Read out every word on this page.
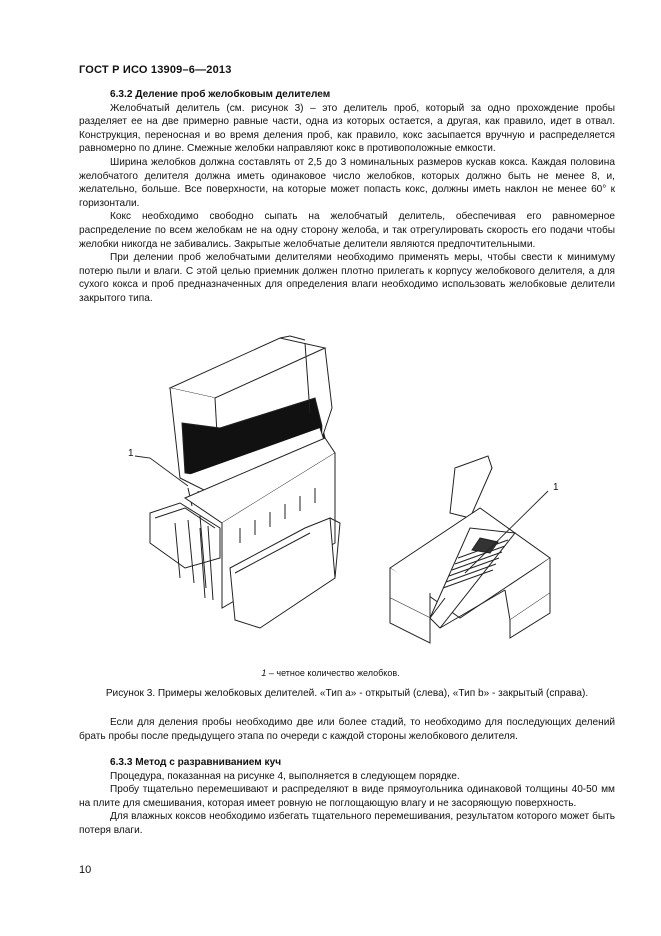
ГОСТ Р ИСО 13909–6—2013

6.3.2 Деление проб желобковым делителем

Желобчатый делитель (см. рисунок 3) – это делитель проб, который за одно прохождение пробы разделяет ее на две примерно равные части, одна из которых остается, а другая, как правило, идет в отвал. Конструкция, переносная и во время деления проб, как правило, кокс засыпается вручную и распределяется равномерно по длине. Смежные желобки направляют кокс в противоположные емкости.

Ширина желобков должна составлять от 2,5 до 3 номинальных размеров кускав кокса. Каждая половина желобчатого делителя должна иметь одинаковое число желобков, которых должно быть не менее 8, и, желательно, больше. Все поверхности, на которые может попасть кокс, должны иметь наклон не менее 60° к горизонтали.

Кокс необходимо свободно сыпать на желобчатый делитель, обеспечивая его равномерное распределение по всем желобкам не на одну сторону желоба, и так отрегулировать скорость его подачи чтобы желобки никогда не забивались. Закрытые желобчатые делители являются предпочтительными.

При делении проб желобчатыми делителями необходимо применять меры, чтобы свести к минимуму потерю пыли и влаги. С этой целью приемник должен плотно прилегать к корпусу желобкового делителя, а для сухого кокса и проб предназначенных для определения влаги необходимо использовать желобковые делители закрытого типа.

1
1
1 – четное количество желобков.
Рисунок 3. Примеры желобковых делителей. «Тип а» - открытый (слева), «Тип b» - закрытый (справа).

Если для деления пробы необходимо две или более стадий, то необходимо для последующих делений брать пробы после предыдущего этапа по очереди с каждой стороны желобкового делителя.

6.3.3 Метод с разравниванием куч

Процедура, показанная на рисунке 4, выполняется в следующем порядке.

Пробу тщательно перемешивают и распределяют в виде прямоугольника одинаковой толщины 40-50 мм на плите для смешивания, которая имеет ровную не поглощающую влагу и не засоряющую поверхность.

Для влажных коксов необходимо избегать тщательного перемешивания, результатом которого может быть потеря влаги.

10
